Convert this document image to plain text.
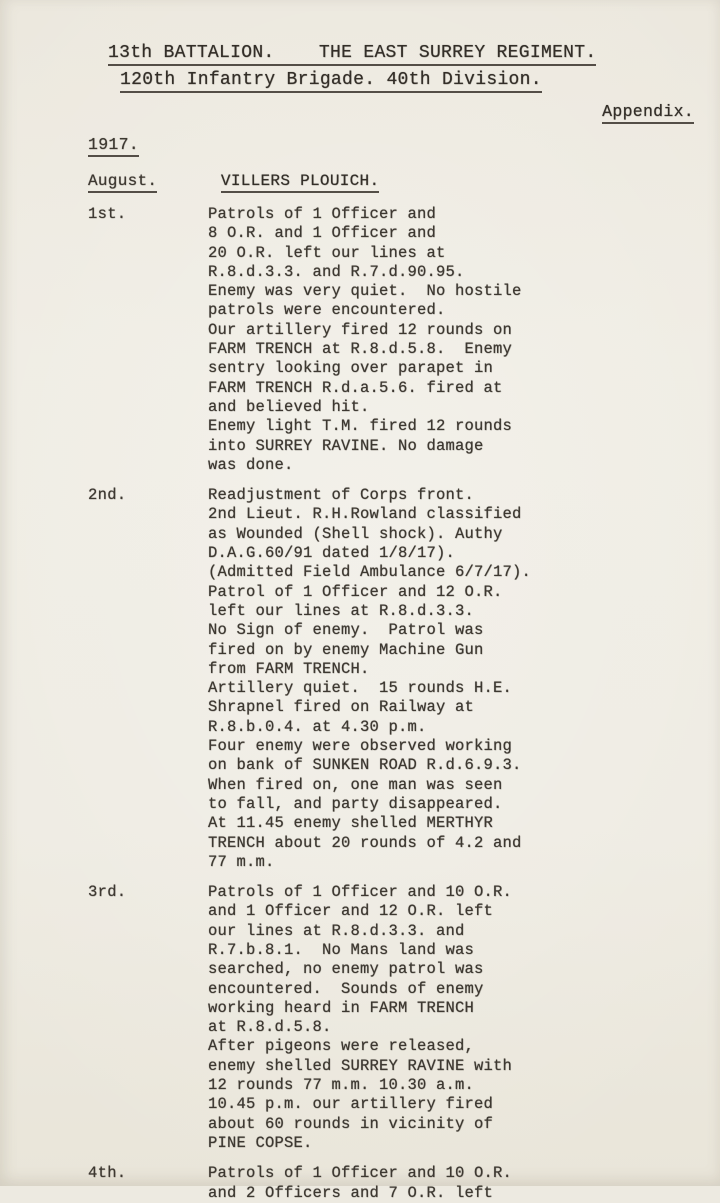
13th BATTALION.    THE EAST SURREY REGIMENT.
120th Infantry Brigade. 40th Division.
Appendix.
1917.
August.	VILLERS PLOUICH.
1st.	Patrols of 1 Officer and
8 O.R. and 1 Officer and
20 O.R. left our lines at
R.8.d.3.3. and R.7.d.90.95.
Enemy was very quiet.  No hostile
patrols were encountered.
Our artillery fired 12 rounds on
FARM TRENCH at R.8.d.5.8.  Enemy
sentry looking over parapet in
FARM TRENCH R.d.a.5.6. fired at
and believed hit.
Enemy light T.M. fired 12 rounds
into SURREY RAVINE. No damage
was done.
2nd.	Readjustment of Corps front.
2nd Lieut. R.H.Rowland classified
as Wounded (Shell shock). Authy
D.A.G.60/91 dated 1/8/17).
(Admitted Field Ambulance 6/7/17).
Patrol of 1 Officer and 12 O.R.
left our lines at R.8.d.3.3.
No Sign of enemy.  Patrol was
fired on by enemy Machine Gun
from FARM TRENCH.
Artillery quiet.  15 rounds H.E.
Shrapnel fired on Railway at
R.8.b.0.4. at 4.30 p.m.
Four enemy were observed working
on bank of SUNKEN ROAD R.d.6.9.3.
When fired on, one man was seen
to fall, and party disappeared.
At 11.45 enemy shelled MERTHYR
TRENCH about 20 rounds of 4.2 and
77 m.m.
3rd.	Patrols of 1 Officer and 10 O.R.
and 1 Officer and 12 O.R. left
our lines at R.8.d.3.3. and
R.7.b.8.1.  No Mans land was
searched, no enemy patrol was
encountered.  Sounds of enemy
working heard in FARM TRENCH
at R.8.d.5.8.
After pigeons were released,
enemy shelled SURREY RAVINE with
12 rounds 77 m.m. 10.30 a.m.
10.45 p.m. our artillery fired
about 60 rounds in vicinity of
PINE COPSE.
4th.	Patrols of 1 Officer and 10 O.R.
and 2 Officers and 7 O.R. left
